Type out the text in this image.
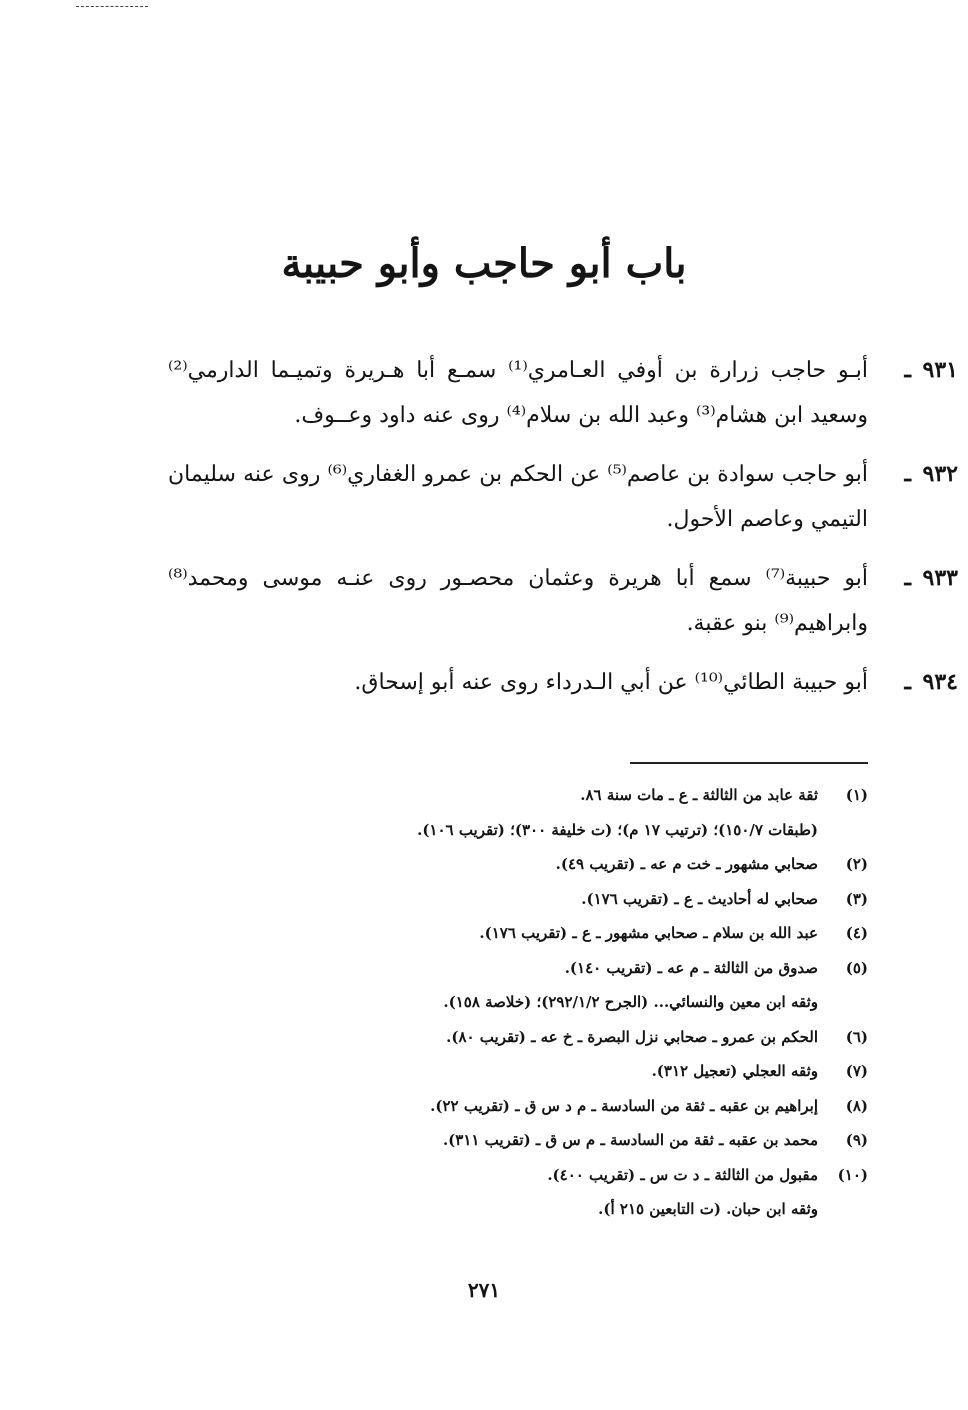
باب أبو حاجب وأبو حبيبة
٩٣١ ـ
أبـو حاجب زرارة بن أوفي العـامري⁽¹⁾ سمـع أبا هـريرة وتميـما الدارمي⁽²⁾ وسعيد ابن هشام⁽³⁾ وعبد الله بن سلام⁽⁴⁾ روى عنه داود وعــوف.
٩٣٢ ـ
أبو حاجب سوادة بن عاصم⁽⁵⁾ عن الحكم بن عمرو الغفاري⁽⁶⁾ روى عنه سليمان التيمي وعاصم الأحول.
٩٣٣ ـ
أبو حبيبة⁽⁷⁾ سمع أبا هريرة وعثمان محصـور روى عنـه موسى ومحمد⁽⁸⁾ وابراهيم⁽⁹⁾ بنو عقبة.
٩٣٤ ـ
أبو حبيبة الطائي⁽¹⁰⁾ عن أبي الـدرداء روى عنه أبو إسحاق.
(١)ثقة عابد من الثالثة ـ ع ـ مات سنة ٨٦.
(طبقات ١٥٠/٧)؛ (ترتيب ١٧ م)؛ (ت خليفة ٣٠٠)؛ (تقريب ١٠٦).
(٢)صحابي مشهور ـ خت م عه ـ (تقريب ٤٩).
(٣)صحابي له أحاديث ـ ع ـ (تقريب ١٧٦).
(٤)عبد الله بن سلام ـ صحابي مشهور ـ ع ـ (تقريب ١٧٦).
(٥)صدوق من الثالثة ـ م عه ـ (تقريب ١٤٠).
وثقه ابن معين والنسائي... (الجرح ٢٩٢/١/٢)؛ (خلاصة ١٥٨).
(٦)الحكم بن عمرو ـ صحابي نزل البصرة ـ خ عه ـ (تقريب ٨٠).
(٧)وثقه العجلي (تعجيل ٣١٢).
(٨)إبراهيم بن عقبه ـ ثقة من السادسة ـ م د س ق ـ (تقريب ٢٢).
(٩)محمد بن عقبه ـ ثقة من السادسة ـ م س ق ـ (تقريب ٣١١).
(١٠)مقبول من الثالثة ـ د ت س ـ (تقريب ٤٠٠).
وثقه ابن حبان. (ت التابعين ٢١٥ أ).
٢٧١
